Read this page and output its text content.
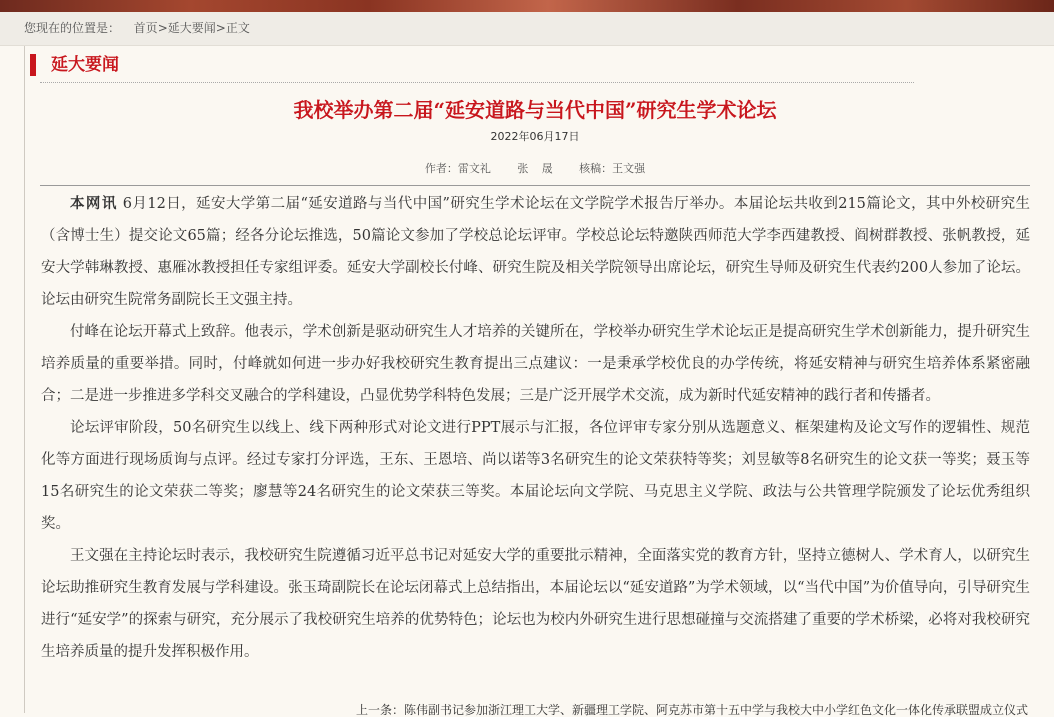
您现在的位置是： 首页>延大要闻>正文
延大要闻
我校举办第二届“延安道路与当代中国”研究生学术论坛
2022年06月17日
作者：雷文礼    张  晟    核稿：王文强

本网讯 6月12日，延安大学第二届“延安道路与当代中国”研究生学术论坛在文学院学术报告厅举办。本届论坛共收到215篇论文，其中外校研究生（含博士生）提交论文65篇；经各分论坛推选，50篇论文参加了学校总论坛评审。学校总论坛特邀陕西师范大学李西建教授、阎树群教授、张帆教授，延安大学韩琳教授、惠雁冰教授担任专家组评委。延安大学副校长付峰、研究生院及相关学院领导出席论坛，研究生导师及研究生代表约200人参加了论坛。论坛由研究生院常务副院长王文强主持。

付峰在论坛开幕式上致辞。他表示，学术创新是驱动研究生人才培养的关键所在，学校举办研究生学术论坛正是提高研究生学术创新能力，提升研究生培养质量的重要举措。同时，付峰就如何进一步办好我校研究生教育提出三点建议：一是秉承学校优良的办学传统，将延安精神与研究生培养体系紧密融合；二是进一步推进多学科交叉融合的学科建设，凸显优势学科特色发展；三是广泛开展学术交流，成为新时代延安精神的践行者和传播者。

论坛评审阶段，50名研究生以线上、线下两种形式对论文进行PPT展示与汇报，各位评审专家分别从选题意义、框架建构及论文写作的逻辑性、规范化等方面进行现场质询与点评。经过专家打分评选，王东、王恩培、尚以诺等3名研究生的论文荣获特等奖；刘昱敏等8名研究生的论文获一等奖；聂玉等15名研究生的论文荣获二等奖；廖慧等24名研究生的论文荣获三等奖。本届论坛向文学院、马克思主义学院、政法与公共管理学院颁发了论坛优秀组织奖。

王文强在主持论坛时表示，我校研究生院遵循习近平总书记对延安大学的重要批示精神，全面落实党的教育方针，坚持立德树人、学术育人，以研究生论坛助推研究生教育发展与学科建设。张玉琦副院长在论坛闭幕式上总结指出，本届论坛以“延安道路”为学术领域，以“当代中国”为价值导向，引导研究生进行“延安学”的探索与研究，充分展示了我校研究生培养的优势特色；论坛也为校内外研究生进行思想碰撞与交流搭建了重要的学术桥梁，必将对我校研究生培养质量的提升发挥积极作用。

上一条：陈伟副书记参加浙江理工大学、新疆理工学院、阿克苏市第十五中学与我校大中小学红色文化一体化传承联盟成立仪式
